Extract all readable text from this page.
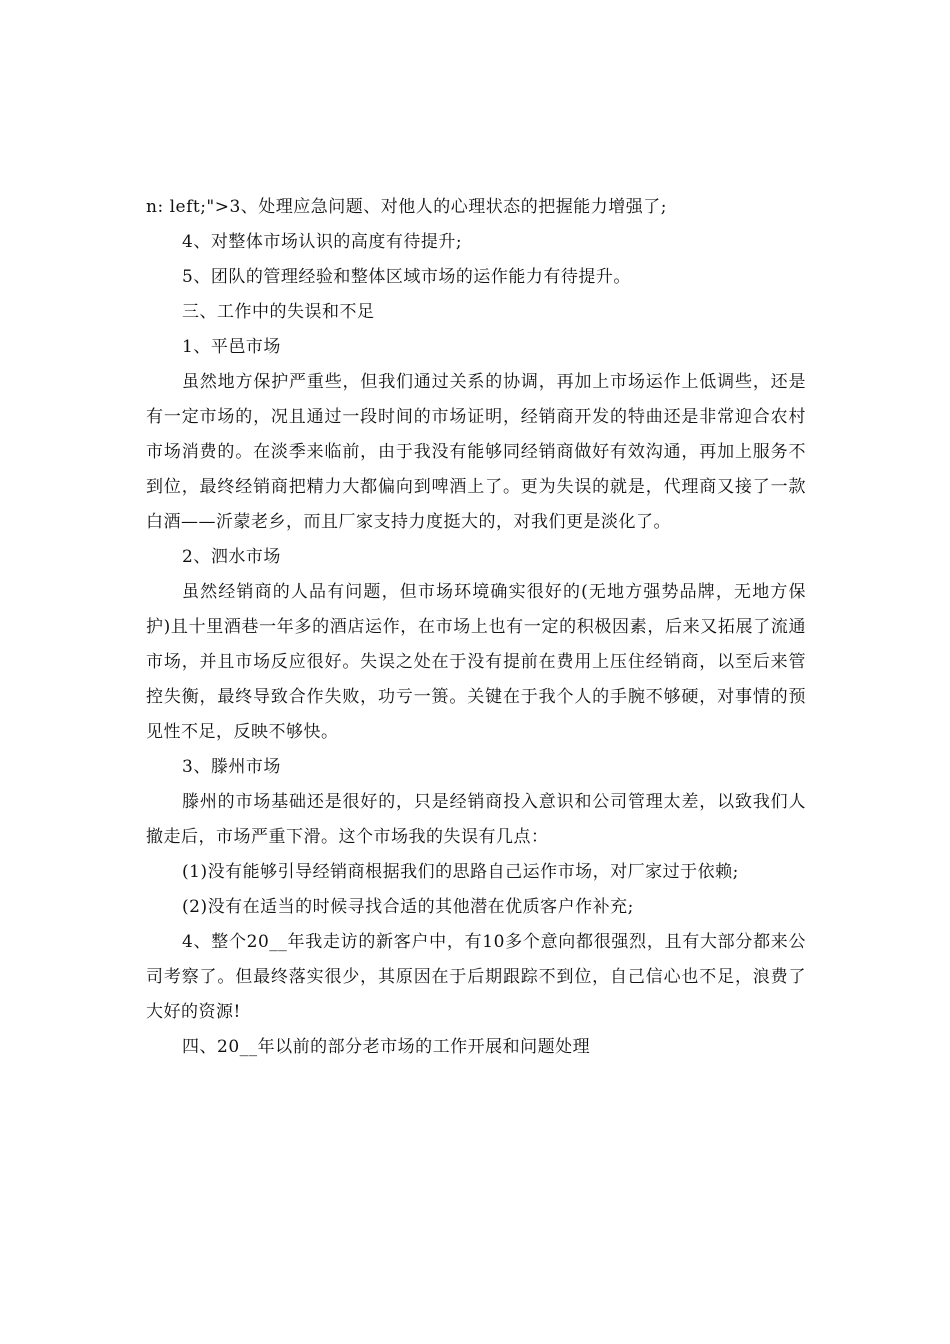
n: left;">3、处理应急问题、对他人的心理状态的把握能力增强了;

4、对整体市场认识的高度有待提升;

5、团队的管理经验和整体区域市场的运作能力有待提升。

三、工作中的失误和不足

1、平邑市场

虽然地方保护严重些，但我们通过关系的协调，再加上市场运作上低调些，还是有一定市场的，况且通过一段时间的市场证明，经销商开发的特曲还是非常迎合农村市场消费的。在淡季来临前，由于我没有能够同经销商做好有效沟通，再加上服务不到位，最终经销商把精力大都偏向到啤酒上了。更为失误的就是，代理商又接了一款白酒——沂蒙老乡，而且厂家支持力度挺大的，对我们更是淡化了。

2、泗水市场

虽然经销商的人品有问题，但市场环境确实很好的(无地方强势品牌，无地方保护)且十里酒巷一年多的酒店运作，在市场上也有一定的积极因素，后来又拓展了流通市场，并且市场反应很好。失误之处在于没有提前在费用上压住经销商，以至后来管控失衡，最终导致合作失败，功亏一篑。关键在于我个人的手腕不够硬，对事情的预见性不足，反映不够快。

3、滕州市场

滕州的市场基础还是很好的，只是经销商投入意识和公司管理太差，以致我们人撤走后，市场严重下滑。这个市场我的失误有几点：

(1)没有能够引导经销商根据我们的思路自己运作市场，对厂家过于依赖;

(2)没有在适当的时候寻找合适的其他潜在优质客户作补充;

4、整个20__年我走访的新客户中，有10多个意向都很强烈，且有大部分都来公司考察了。但最终落实很少，其原因在于后期跟踪不到位，自己信心也不足，浪费了大好的资源!

四、20__年以前的部分老市场的工作开展和问题处理
